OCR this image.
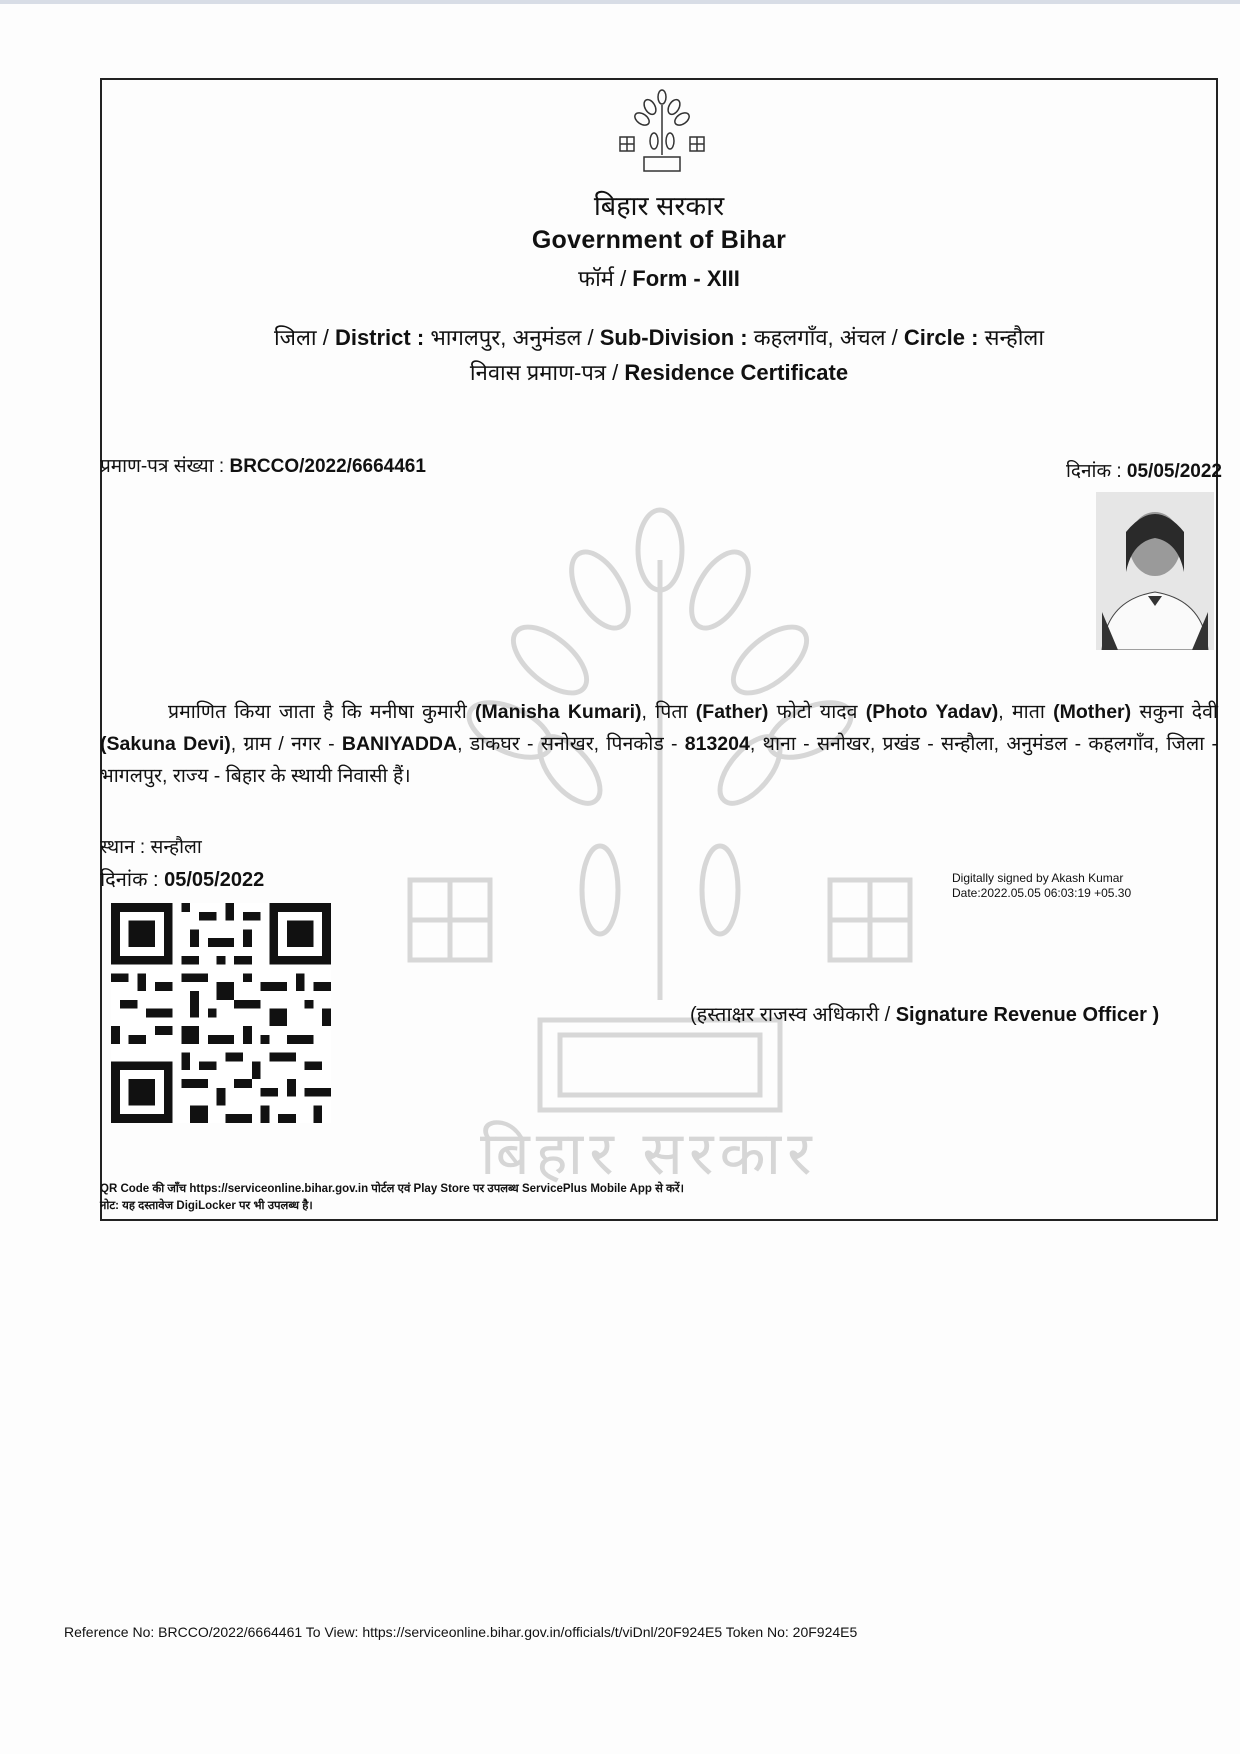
बिहार सरकार
Government of Bihar
फॉर्म / Form - XIII
जिला / District : भागलपुर, अनुमंडल / Sub-Division : कहलगाँव, अंचल / Circle : सन्हौला
निवास प्रमाण-पत्र / Residence Certificate
प्रमाण-पत्र संख्या : BRCCO/2022/6664461	दिनांक : 05/05/2022
प्रमाणित किया जाता है कि मनीषा कुमारी (Manisha Kumari), पिता (Father) फोटो यादव (Photo Yadav), माता (Mother) सकुना देवी (Sakuna Devi), ग्राम / नगर - BANIYADDA, डाकघर - सनोखर, पिनकोड - 813204, थाना - सनोखर, प्रखंड - सन्हौला, अनुमंडल - कहलगाँव, जिला - भागलपुर, राज्य - बिहार के स्थायी निवासी हैं।
स्थान : सन्हौला
दिनांक : 05/05/2022	Digitally signed by Akash Kumar
Date:2022.05.05 06:03:19 +05.30
(हस्ताक्षर राजस्व अधिकारी / Signature Revenue Officer )
बिहार सरकार
QR Code की जाँच https://serviceonline.bihar.gov.in पोर्टल एवं Play Store पर उपलब्ध ServicePlus Mobile App से करें।
नोट: यह दस्तावेज DigiLocker पर भी उपलब्ध है।
Reference No: BRCCO/2022/6664461 To View: https://serviceonline.bihar.gov.in/officials/t/viDnl/20F924E5 Token No: 20F924E5
